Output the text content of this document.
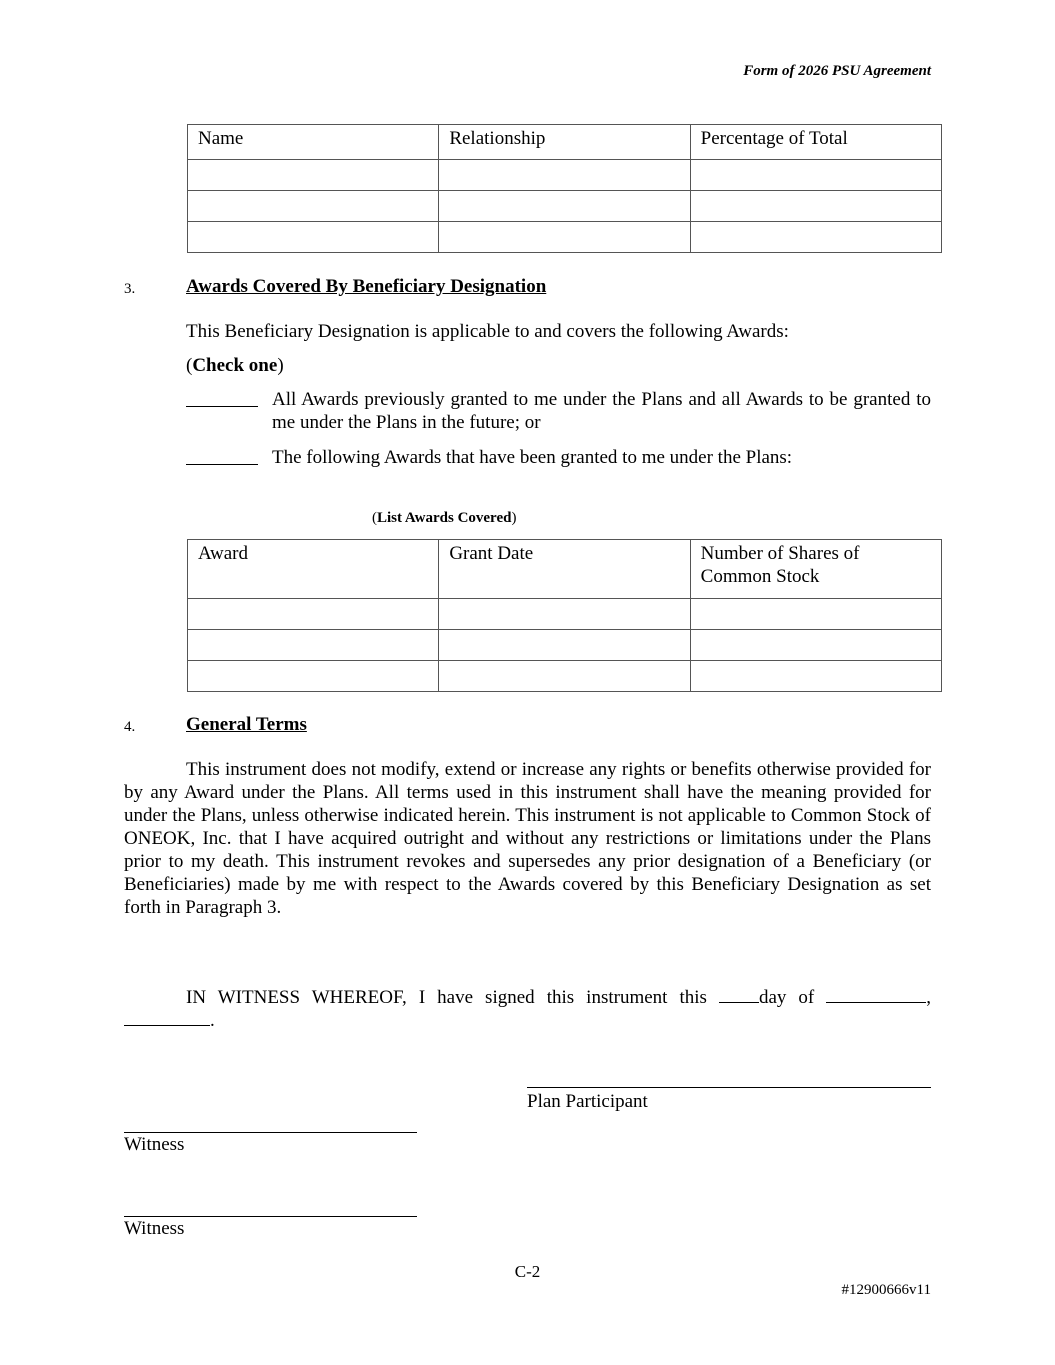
Form of 2026 PSU Agreement
Name	Relationship	Percentage of Total

3.	Awards Covered By Beneficiary Designation
This Beneficiary Designation is applicable to and covers the following Awards:
(Check one)
All Awards previously granted to me under the Plans and all Awards to be granted to me under the Plans in the future; or
The following Awards that have been granted to me under the Plans:
(List Awards Covered)
Award	Grant Date	Number of Shares of Common Stock

4.	General Terms
This instrument does not modify, extend or increase any rights or benefits otherwise provided for by any Award under the Plans. All terms used in this instrument shall have the meaning provided for under the Plans, unless otherwise indicated herein. This instrument is not applicable to Common Stock of ONEOK, Inc. that I have acquired outright and without any restrictions or limitations under the Plans prior to my death. This instrument revokes and supersedes any prior designation of a Beneficiary (or Beneficiaries) made by me with respect to the Awards covered by this Beneficiary Designation as set forth in Paragraph 3.
IN WITNESS WHEREOF, I have signed this instrument this	day of	, .
Plan Participant
Witness
Witness
C-2
#12900666v11
